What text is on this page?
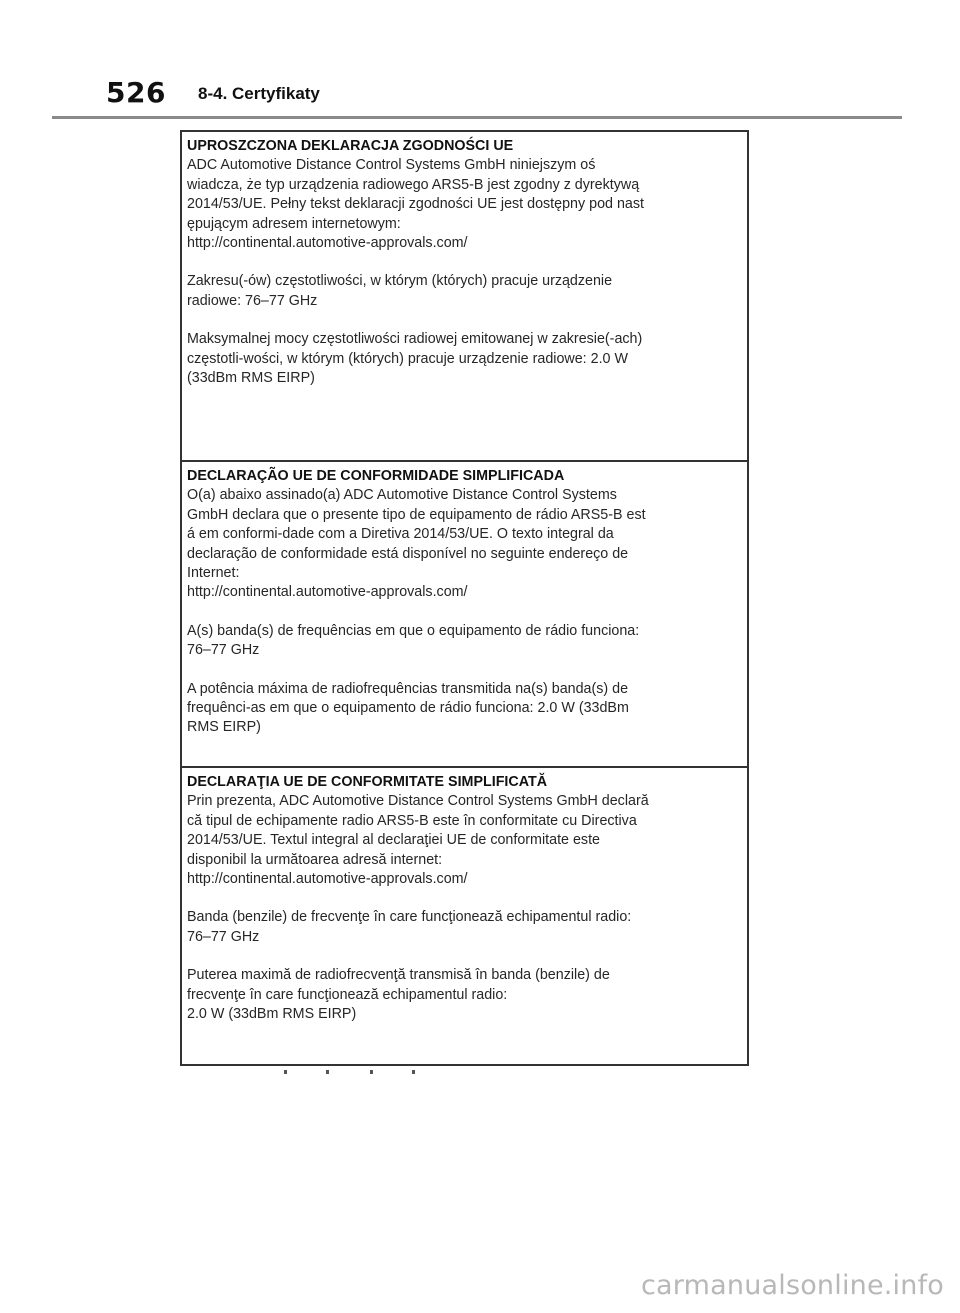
526 8-4. Certyfikaty
UPROSZCZONA DEKLARACJA ZGODNOŚCI UE

ADC Automotive Distance Control Systems GmbH niniejszym oś
wiadcza, że typ urządzenia radiowego ARS5-B jest zgodny z dyrektywą
2014/53/UE. Pełny tekst deklaracji zgodności UE jest dostępny pod nast
ępującym adresem internetowym:
http://continental.automotive-approvals.com/

Zakresu(-ów) częstotliwości, w którym (których) pracuje urządzenie
radiowe: 76–77 GHz

Maksymalnej mocy częstotliwości radiowej emitowanej w zakresie(-ach)
częstotli-wości, w którym (których) pracuje urządzenie radiowe: 2.0 W
(33dBm RMS EIRP)

DECLARAÇÃO UE DE CONFORMIDADE SIMPLIFICADA

O(a) abaixo assinado(a) ADC Automotive Distance Control Systems
GmbH declara que o presente tipo de equipamento de rádio ARS5-B est
á em conformi-dade com a Diretiva 2014/53/UE. O texto integral da
declaração de conformidade está disponível no seguinte endereço de
Internet:
http://continental.automotive-approvals.com/

A(s) banda(s) de frequências em que o equipamento de rádio funciona:
76–77 GHz

A potência máxima de radiofrequências transmitida na(s) banda(s) de
frequênci-as em que o equipamento de rádio funciona: 2.0 W (33dBm
RMS EIRP)

DECLARAŢIA UE DE CONFORMITATE SIMPLIFICATĂ

Prin prezenta, ADC Automotive Distance Control Systems GmbH declară
că tipul de echipamente radio ARS5-B este în conformitate cu Directiva
2014/53/UE. Textul integral al declaraţiei UE de conformitate este
disponibil la următoarea adresă internet:
http://continental.automotive-approvals.com/

Banda (benzile) de frecvenţe în care funcţionează echipamentul radio:
76–77 GHz

Puterea maximă de radiofrecvenţă transmisă în banda (benzile) de
frecvenţe în care funcţionează echipamentul radio:
2.0 W (33dBm RMS EIRP)

carmanualsonline.info
